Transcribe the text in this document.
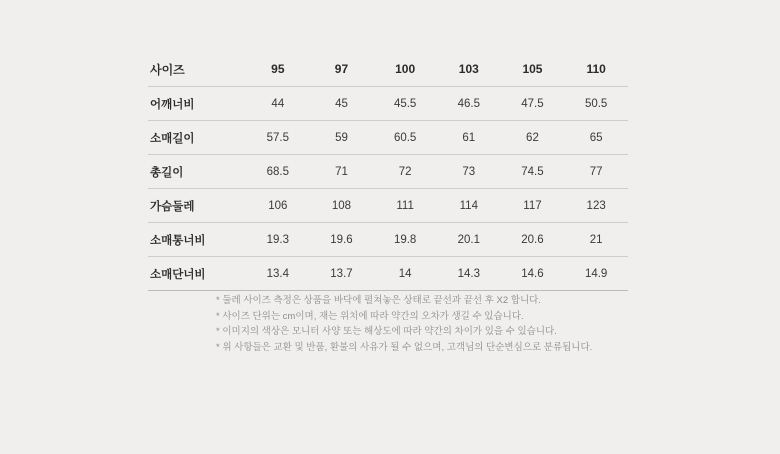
사이즈	95	97	100	103	105	110
어깨너비	44	45	45.5	46.5	47.5	50.5
소매길이	57.5	59	60.5	61	62	65
총길이	68.5	71	72	73	74.5	77
가슴둘레	106	108	111	114	117	123
소매통너비	19.3	19.6	19.8	20.1	20.6	21
소매단너비	13.4	13.7	14	14.3	14.6	14.9
* 둘레 사이즈 측정은 상품을 바닥에 펼쳐놓은 상태로 끝선과 끝선 후 X2 합니다.
* 사이즈 단위는 cm이며, 재는 위치에 따라 약간의 오차가 생길 수 있습니다.
* 이미지의 색상은 모니터 사양 또는 해상도에 따라 약간의 차이가 있을 수 있습니다.
* 위 사항들은 교환 및 반품, 환불의 사유가 될 수 없으며, 고객님의 단순변심으로 분류됩니다.
